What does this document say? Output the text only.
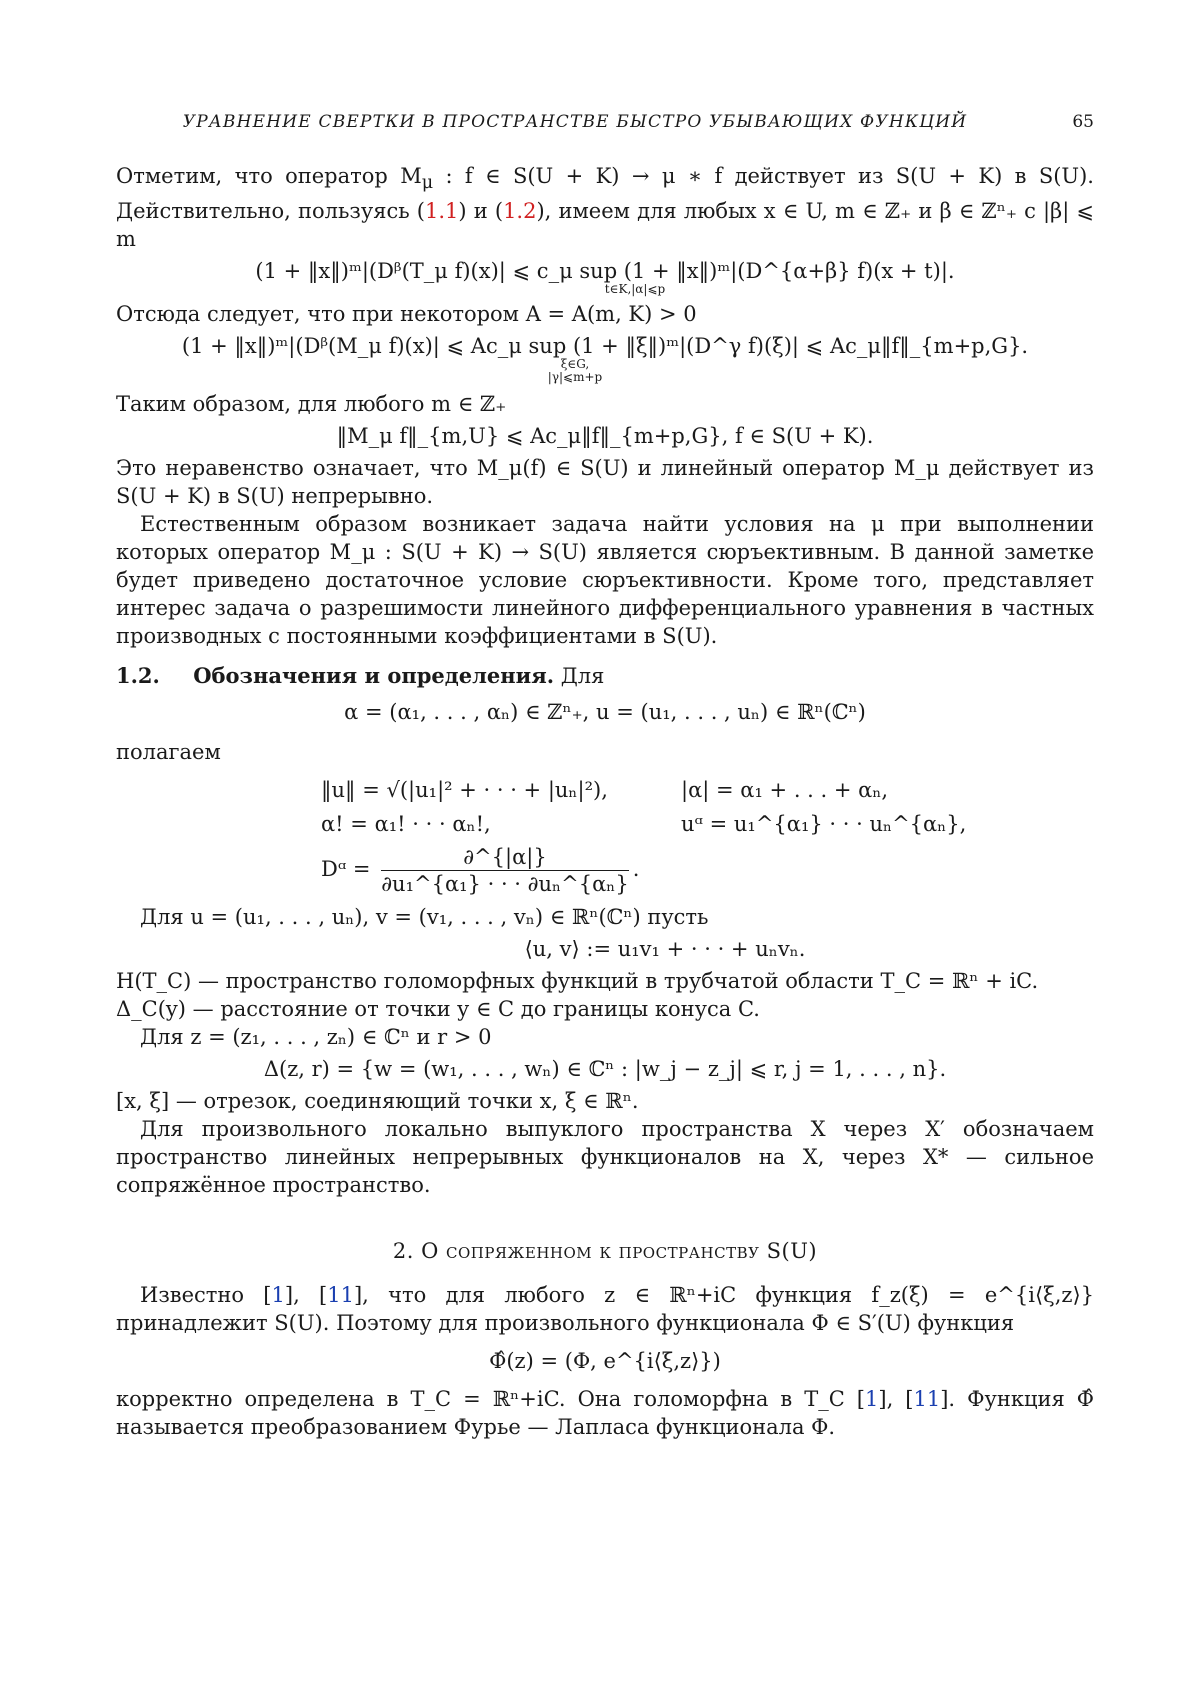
УРАВНЕНИЕ СВЕРТКИ В ПРОСТРАНСТВЕ БЫСТРО УБЫВАЮЩИХ ФУНКЦИЙ	65

Отметим, что оператор $M_\mu$ : f ∈ S(U + K) → μ ∗ f действует из S(U + K) в S(U). Действительно, пользуясь (1.1) и (1.2), имеем для любых x ∈ U, m ∈ ℤ₊ и β ∈ ℤⁿ₊ с |β| ⩽ m

(1 + ‖x‖)ᵐ|(Dᵝ(T_μ f)(x)| ⩽ c_μ sup (1 + ‖x‖)ᵐ|(D^{α+β} f)(x + t)|.
t∈K,|α|⩽p

Отсюда следует, что при некотором A = A(m, K) > 0

(1 + ‖x‖)ᵐ|(Dᵝ(M_μ f)(x)| ⩽ Ac_μ sup (1 + ‖ξ‖)ᵐ|(D^γ f)(ξ)| ⩽ Ac_μ‖f‖_{m+p,G}.
ξ∈G,
|γ|⩽m+p

Таким образом, для любого m ∈ ℤ₊

‖M_μ f‖_{m,U} ⩽ Ac_μ‖f‖_{m+p,G}, f ∈ S(U + K).

Это неравенство означает, что M_μ(f) ∈ S(U) и линейный оператор M_μ действует из S(U + K) в S(U) непрерывно.

Естественным образом возникает задача найти условия на μ при выполнении которых оператор M_μ : S(U + K) → S(U) является сюръективным. В данной заметке будет приведено достаточное условие сюръективности. Кроме того, представляет интерес задача о разрешимости линейного дифференциального уравнения в частных производных с постоянными коэффициентами в S(U).

1.2. Обозначения и определения. Для

α = (α₁, . . . , αₙ) ∈ ℤⁿ₊, u = (u₁, . . . , uₙ) ∈ ℝⁿ(ℂⁿ)

полагаем

‖u‖ = √(|u₁|² + · · · + |uₙ|²),	|α| = α₁ + . . . + αₙ,
α! = α₁! · · · αₙ!,	uᵅ = u₁^{α₁} · · · uₙ^{αₙ},
Dᵅ = $\frac{\partial\^{}\{|\alpha|\}}{\text{∂u₁\textasciicircum{}\{α₁\} · · · ∂uₙ\textasciicircum{}\{αₙ\}}}$ .

Для u = (u₁, . . . , uₙ), v = (v₁, . . . , vₙ) ∈ ℝⁿ(ℂⁿ) пусть

⟨u, v⟩ := u₁v₁ + · · · + uₙvₙ.

H(T_C) — пространство голоморфных функций в трубчатой области T_C = ℝⁿ + iC.

Δ_C(y) — расстояние от точки y ∈ C до границы конуса C.

Для z = (z₁, . . . , zₙ) ∈ ℂⁿ и r > 0

Δ(z, r) = {w = (w₁, . . . , wₙ) ∈ ℂⁿ : |w_j − z_j| ⩽ r, j = 1, . . . , n}.

[x, ξ] — отрезок, соединяющий точки x, ξ ∈ ℝⁿ.

Для произвольного локально выпуклого пространства X через X′ обозначаем пространство линейных непрерывных функционалов на X, через X* — сильное сопряжённое пространство.

2. О сопряженном к пространству S(U)

Известно [1], [11], что для любого z ∈ ℝⁿ+iC функция f_z(ξ) = e^{i⟨ξ,z⟩} принадлежит S(U). Поэтому для произвольного функционала Φ ∈ S′(U) функция

Φ̂(z) = (Φ, e^{i⟨ξ,z⟩})

корректно определена в T_C = ℝⁿ+iC. Она голоморфна в T_C [1], [11]. Функция Φ̂ называется преобразованием Фурье — Лапласа функционала Φ.
